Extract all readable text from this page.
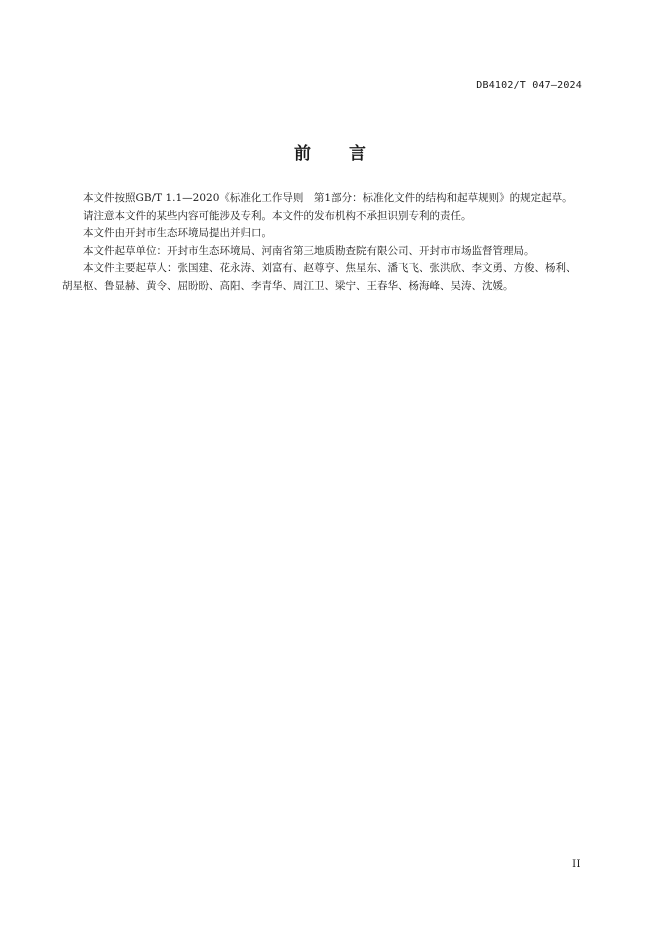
DB4102/T 047—2024
前 言

本文件按照GB/T 1.1—2020《标准化工作导则　第1部分：标准化文件的结构和起草规则》的规定起草。

请注意本文件的某些内容可能涉及专利。本文件的发布机构不承担识别专利的责任。

本文件由开封市生态环境局提出并归口。

本文件起草单位：开封市生态环境局、河南省第三地质勘查院有限公司、开封市市场监督管理局。

本文件主要起草人：张国建、花永涛、刘富有、赵尊亨、焦星东、潘飞飞、张洪欣、李文勇、方俊、杨利、胡星枢、鲁显赫、黄令、屈盼盼、高阳、李青华、周江卫、梁宁、王春华、杨海峰、吴涛、沈媛。

II
